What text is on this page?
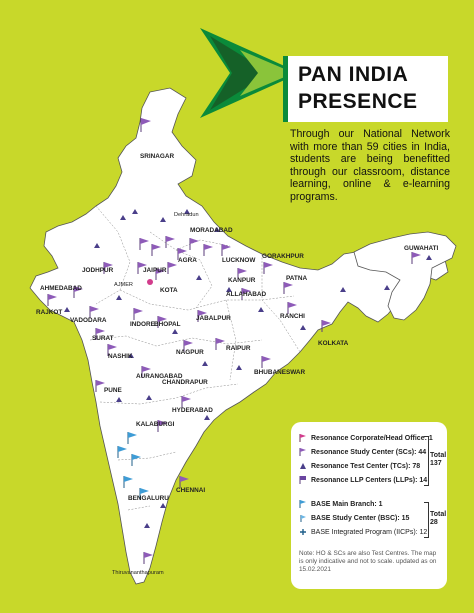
SRINAGAR
Dehradun
JODHPUR	JAIPUR
AJMER
KOTA
AGRA
MORADABAD
LUCKNOW
KANPUR
GORAKHPUR
ALLAHABAD
PATNA
RANCHI
KOLKATA
AHMEDABAD
RAJKOT
VADODARA
SURAT
INDORE BHOPAL
JABALPUR
NASHIK
NAGPUR
RAIPUR
AURANGABAD
CHANDRAPUR
BHUBANESWAR
PUNE
HYDERABAD
KALABURGI
CHENNAI
BENGALURU
Thiruvananthapuram
GUWAHATI
PAN INDIA
PRESENCE
Through our National Network with more than 59 cities in India, students are being benefitted through our classroom, distance learning, online & e-learning programs.
Resonance Corporate/Head Office: 1
Resonance Study Center (SCs): 44
Resonance Test Center (TCs): 78
Resonance LLP Centers (LLPs): 14
Total
137
BASE Main Branch: 1
BASE Study Center (BSC): 15
BASE Integrated Program (IICPs): 12
Total
28
Note: HO & SCs are also Test Centres. The map is only indicative and not to scale. updated as on 15.02.2021
